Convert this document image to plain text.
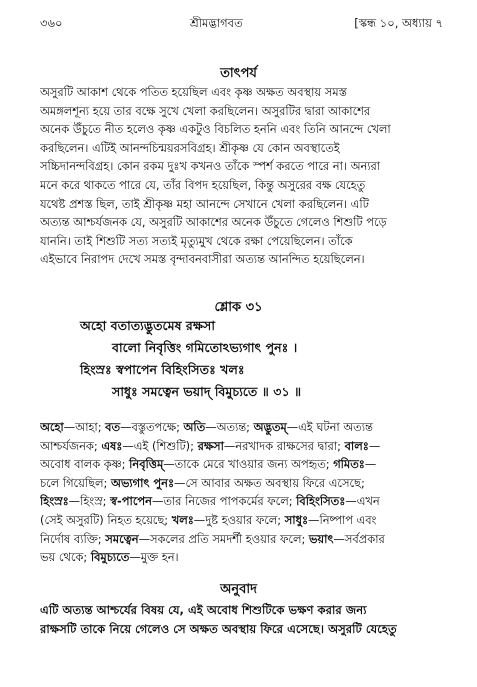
৩৬০	শ্রীমদ্ভাগবত	[স্কন্ধ ১০, অধ্যায় ৭
তাৎপর্য
অসুরটি আকাশ থেকে পতিত হয়েছিল এবং কৃষ্ণ অক্ষত অবস্থায় সমস্ত
অমঙ্গলশূন্য হয়ে তার বক্ষে সুখে খেলা করছিলেন। অসুরটির দ্বারা আকাশের
অনেক উঁচুতে নীত হলেও কৃষ্ণ একটুও বিচলিত হননি এবং তিনি আনন্দে খেলা
করছিলেন। এটিই আনন্দচিন্ময়রসবিগ্রহ। শ্রীকৃষ্ণ যে কোন অবস্থাতেই
সচ্চিদানন্দবিগ্রহ। কোন রকম দুঃখ কখনও তাঁকে স্পর্শ করতে পারে না। অন্যরা
মনে করে থাকতে পারে যে, তাঁর বিপদ হয়েছিল, কিন্তু অসুরের বক্ষ যেহেতু
যথেষ্ট প্রশস্ত ছিল, তাই শ্রীকৃষ্ণ মহা আনন্দে সেখানে খেলা করছিলেন। এটি
অত্যন্ত আশ্চর্যজনক যে, অসুরটি আকাশের অনেক উঁচুতে গেলেও শিশুটি পড়ে
যাননি। তাই শিশুটি সত্য সত্যই মৃত্যুমুখ থেকে রক্ষা পেয়েছিলেন। তাঁকে
এইভাবে নিরাপদ দেখে সমস্ত বৃন্দাবনবাসীরা অত্যন্ত আনন্দিত হয়েছিলেন।
শ্লোক ৩১
অহো বতাত্যদ্ভুতমেষ রক্ষসা
বালো নিবৃত্তিং গমিতোঽভ্যগাৎ পুনঃ ।
হিংস্রঃ স্বপাপেন বিহিংসিতঃ খলঃ
সাধুঃ সমত্বেন ভয়াদ্ বিমুচ্যতে ॥ ৩১ ॥
অহো—আহা; বত—বস্তুতপক্ষে; অতি—অত্যন্ত; অদ্ভুতম্—এই ঘটনা অত্যন্ত
আশ্চর্যজনক; এষঃ—এই (শিশুটি); রক্ষসা—নরখাদক রাক্ষসের দ্বারা; বালঃ—
অবোধ বালক কৃষ্ণ; নিবৃত্তিম্—তাকে মেরে খাওয়ার জন্য অপহৃত; গমিতঃ—
চলে গিয়েছিল; অভ্যগাৎ পুনঃ—সে আবার অক্ষত অবস্থায় ফিরে এসেছে;
হিংস্রঃ—হিংস্র; স্ব-পাপেন—তার নিজের পাপকর্মের ফলে; বিহিংসিতঃ—এখন
(সেই অসুরটি) নিহত হয়েছে; খলঃ—দুষ্ট হওয়ার ফলে; সাধুঃ—নিষ্পাপ এবং
নির্দোষ ব্যক্তি; সমত্বেন—সকলের প্রতি সমদর্শী হওয়ার ফলে; ভয়াৎ—সর্বপ্রকার
ভয় থেকে; বিমুচ্যতে—মুক্ত হন।
অনুবাদ
এটি অত্যন্ত আশ্চর্যের বিষয় যে, এই অবোধ শিশুটিকে ভক্ষণ করার জন্য
রাক্ষসটি তাকে নিয়ে গেলেও সে অক্ষত অবস্থায় ফিরে এসেছে। অসুরটি যেহেতু
